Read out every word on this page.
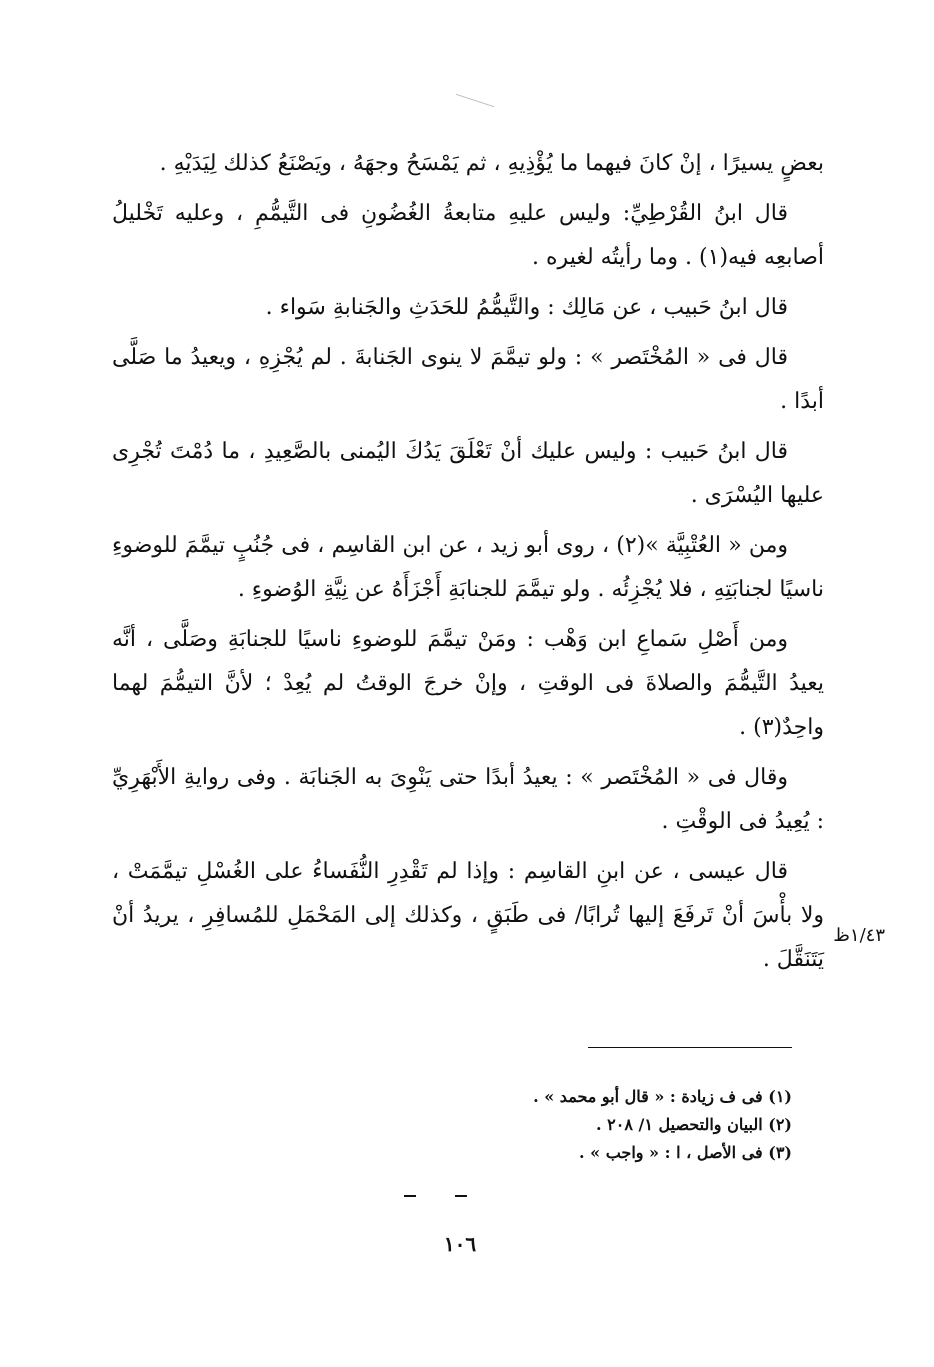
بعضٍ يسيرًا ، إنْ كانَ فيهما ما يُؤْذِيهِ ، ثم يَمْسَحُ وجهَهُ ، ويَصْنَعُ كذلك لِيَدَيْهِ .

قال ابنُ القُرْطِيِّ: وليس عليهِ متابعةُ الغُضُونِ فى التَّيمُّمِ ، وعليه تَخْليلُ أصابعِه فيه(١) . وما رأيتُه لغيره .

قال ابنُ حَبيب ، عن مَالِك : والتَّيمُّمُ للحَدَثِ والجَنابةِ سَواء .

قال فى « المُخْتَصر » : ولو تيمَّمَ لا ينوى الجَنابةَ . لم يُجْزِهِ ، ويعيدُ ما صَلَّى أبدًا .

قال ابنُ حَبيب : وليس عليك أنْ تَعْلَقَ يَدُكَ اليُمنى بالصَّعِيدِ ، ما دُمْتَ تُجْرِى عليها اليُسْرَى .

ومن « العُتْبِيَّة »(٢) ، روى أبو زيد ، عن ابن القاسِم ، فى جُنُبٍ تيمَّمَ للوضوءِ ناسيًا لجنابَتِهِ ، فلا يُجْزِئُه . ولو تيمَّمَ للجنابَةِ أَجْزَأَهُ عن نِيَّةِ الوُضوءِ .

ومن أَصْلِ سَماعِ ابن وَهْب : ومَنْ تيمَّمَ للوضوءِ ناسيًا للجنابَةِ وصَلَّى ، أنَّه يعيدُ التَّيمُّمَ والصلاةَ فى الوقتِ ، وإنْ خرجَ الوقتُ لم يُعِدْ ؛ لأنَّ التيمُّمَ لهما واحِدٌ(٣) .

وقال فى « المُخْتَصر » : يعيدُ أبدًا حتى يَنْوِىَ به الجَنابَة . وفى روايةِ الأَبْهَرِيِّ : يُعِيدُ فى الوقْتِ .

قال عيسى ، عن ابنِ القاسِم : وإذا لم تَقْدِرِ النُّفَساءُ على الغُسْلِ تيمَّمَتْ ، ولا بأْسَ أنْ تَرفَعَ إليها تُرابًا/ فى طَبَقٍ ، وكذلك إلى المَحْمَلِ للمُسافِرِ ، يريدُ أنْ يَتَنَقَّلَ .

١/٤٣ظ

(١) فى ف زيادة : « قال أبو محمد » .

(٢) البيان والتحصيل ١/ ٢٠٨ .

(٣) فى الأصل ، ا : « واجب » .

١٠٦
